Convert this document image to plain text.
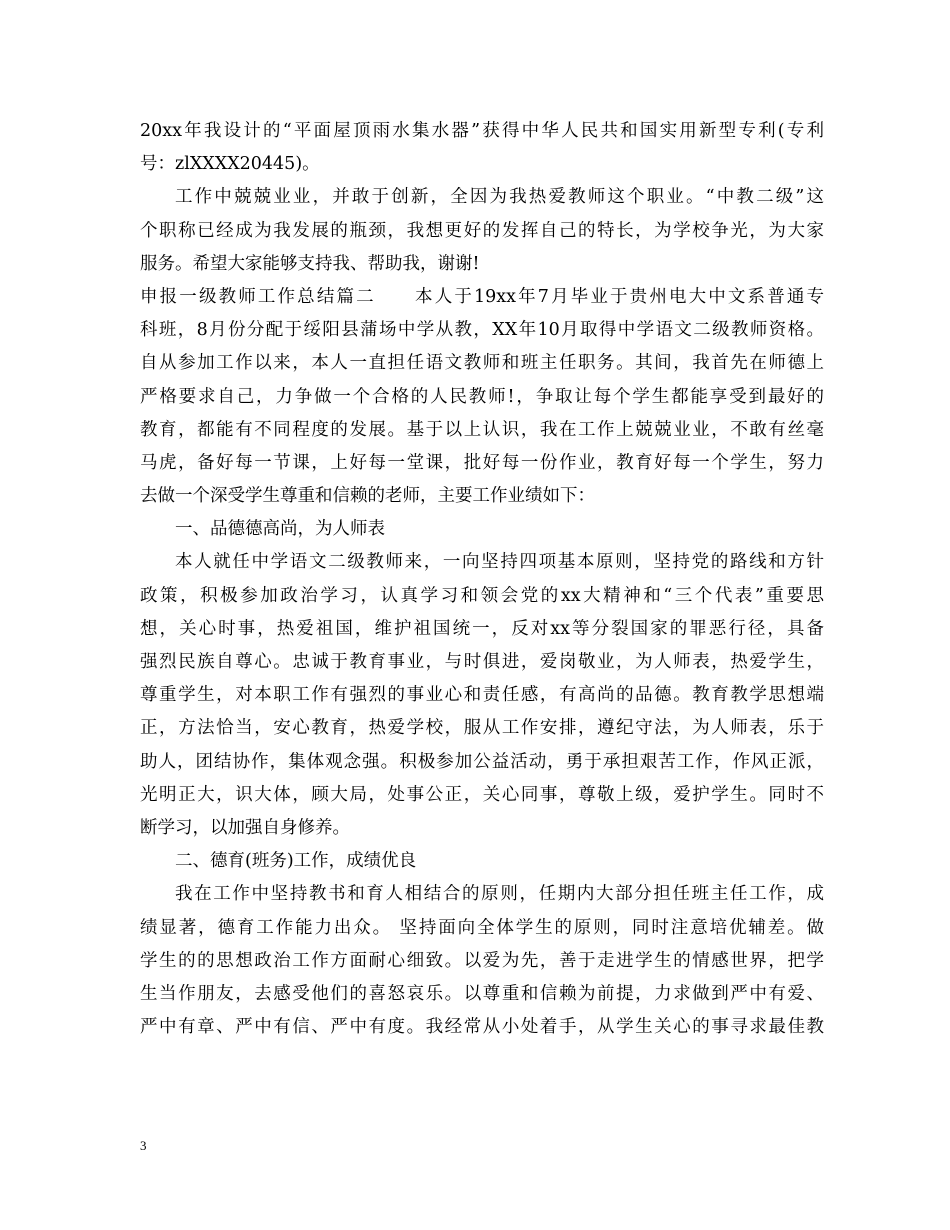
20xx年我设计的“平面屋顶雨水集水器”获得中华人民共和国实用新型专利(专利
号：zlXXXX20445)。
工作中兢兢业业，并敢于创新，全因为我热爱教师这个职业。“中教二级”这
个职称已经成为我发展的瓶颈，我想更好的发挥自己的特长，为学校争光，为大家
服务。希望大家能够支持我、帮助我，谢谢!
申报一级教师工作总结篇二　　本人于19xx年7月毕业于贵州电大中文系普通专
科班，8月份分配于绥阳县蒲场中学从教，XX年10月取得中学语文二级教师资格。
自从参加工作以来，本人一直担任语文教师和班主任职务。其间，我首先在师德上
严格要求自己，力争做一个合格的人民教师!，争取让每个学生都能享受到最好的
教育，都能有不同程度的发展。基于以上认识，我在工作上兢兢业业，不敢有丝毫
马虎，备好每一节课，上好每一堂课，批好每一份作业，教育好每一个学生，努力
去做一个深受学生尊重和信赖的老师，主要工作业绩如下：
一、品德德高尚，为人师表
本人就任中学语文二级教师来，一向坚持四项基本原则，坚持党的路线和方针
政策，积极参加政治学习，认真学习和领会党的xx大精神和“三个代表”重要思
想，关心时事，热爱祖国，维护祖国统一，反对xx等分裂国家的罪恶行径，具备
强烈民族自尊心。忠诚于教育事业，与时俱进，爱岗敬业，为人师表，热爱学生，
尊重学生，对本职工作有强烈的事业心和责任感，有高尚的品德。教育教学思想端
正，方法恰当，安心教育，热爱学校，服从工作安排，遵纪守法，为人师表，乐于
助人，团结协作，集体观念强。积极参加公益活动，勇于承担艰苦工作，作风正派，
光明正大，识大体，顾大局，处事公正，关心同事，尊敬上级，爱护学生。同时不
断学习，以加强自身修养。
二、德育(班务)工作，成绩优良
我在工作中坚持教书和育人相结合的原则，任期内大部分担任班主任工作，成
绩显著，德育工作能力出众。 坚持面向全体学生的原则，同时注意培优辅差。做
学生的的思想政治工作方面耐心细致。以爱为先，善于走进学生的情感世界，把学
生当作朋友，去感受他们的喜怒哀乐。以尊重和信赖为前提，力求做到严中有爱、
严中有章、严中有信、严中有度。我经常从小处着手，从学生关心的事寻求最佳教
3
